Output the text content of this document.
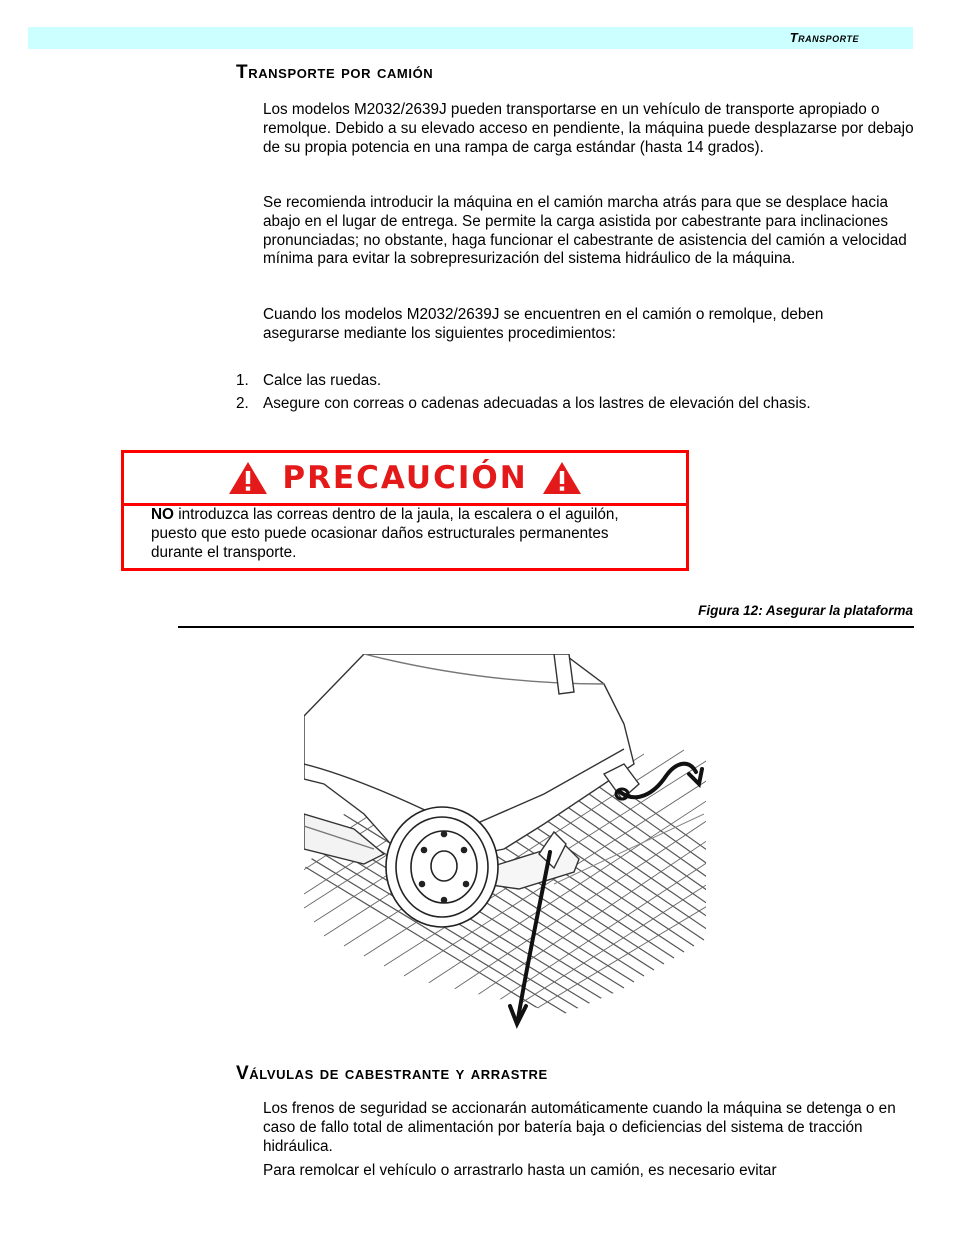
Transporte
Transporte por camión

Los modelos M2032/2639J pueden transportarse en un vehículo de transporte apropiado o remolque. Debido a su elevado acceso en pendiente, la máquina puede desplazarse por debajo de su propia potencia en una rampa de carga estándar (hasta 14 grados).

Se recomienda introducir la máquina en el camión marcha atrás para que se desplace hacia abajo en el lugar de entrega. Se permite la carga asistida por cabestrante para inclinaciones pronunciadas; no obstante, haga funcionar el cabestrante de asistencia del camión a velocidad mínima para evitar la sobrepresurización del sistema hidráulico de la máquina.

Cuando los modelos M2032/2639J se encuentren en el camión o remolque, deben asegurarse mediante los siguientes procedimientos:

1. Calce las ruedas.
2. Asegure con correas o cadenas adecuadas a los lastres de elevación del chasis.
PRECAUCIÓN
NO introduzca las correas dentro de la jaula, la escalera o el aguilón, puesto que esto puede ocasionar daños estructurales permanentes durante el transporte.
Figura 12: Asegurar la plataforma
Válvulas de cabestrante y arrastre

Los frenos de seguridad se accionarán automáticamente cuando la máquina se detenga o en caso de fallo total de alimentación por batería baja o deficiencias del sistema de tracción hidráulica.

Para remolcar el vehículo o arrastrarlo hasta un camión, es necesario evitar
